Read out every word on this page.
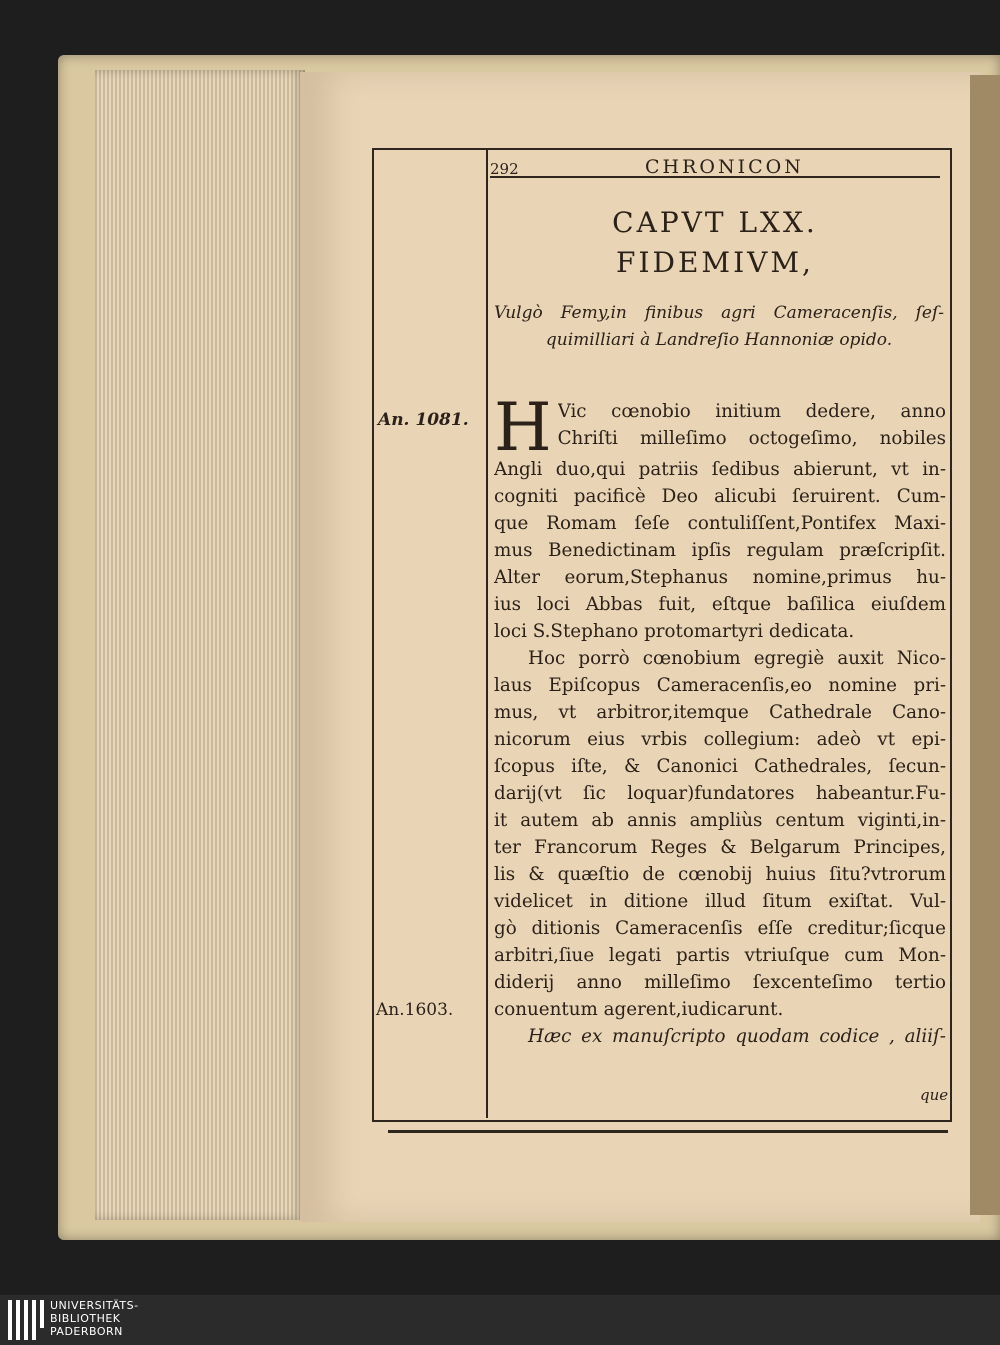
292	CHRONICON
CAPVT LXX.
FIDEMIVM,
Vulgò Femy,in finibus agri Cameracenſis, ſeſ-
quimilliari à Landreſio Hannoniæ opido.
An. 1081.
An.1603.
H Vic cœnobio initium dedere, anno
Chriſti milleſimo octogeſimo, nobiles
Angli duo,qui patriis ſedibus abierunt, vt in-
cogniti pacificè Deo alicubi ſeruirent. Cum-
que Romam ſeſe contuliſſent,Pontifex Maxi-
mus Benedictinam ipſis regulam præſcripſit.
Alter eorum,Stephanus nomine,primus hu-
ius loci Abbas fuit, eſtque baſilica eiuſdem
loci S.Stephano protomartyri dedicata.
Hoc porrò cœnobium egregiè auxit Nico-
laus Epiſcopus Cameracenſis,eo nomine pri-
mus, vt arbitror,itemque Cathedrale Cano-
nicorum eius vrbis collegium: adeò vt epi-
ſcopus iſte, & Canonici Cathedrales, ſecun-
darij(vt ſic loquar)fundatores habeantur.Fu-
it autem ab annis ampliùs centum viginti,in-
ter Francorum Reges & Belgarum Principes,
lis & quæſtio de cœnobij huius ſitu?vtrorum
videlicet in ditione illud ſitum exiſtat. Vul-
gò ditionis Cameracenſis eſſe creditur;ſicque
arbitri,ſiue legati partis vtriuſque cum Mon-
diderij anno milleſimo ſexcenteſimo tertio
conuentum agerent,iudicarunt.
Hæc ex manuſcripto quodam codice , aliiſ-
que
UNIVERSITÄTS-
BIBLIOTHEK
PADERBORN
